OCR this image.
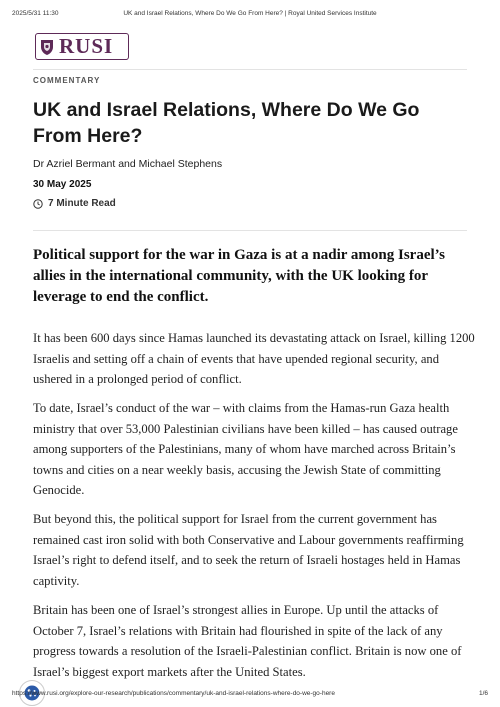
2025/5/31 11:30	UK and Israel Relations, Where Do We Go From Here? | Royal United Services Institute
RUSI
COMMENTARY
UK and Israel Relations, Where Do We Go From Here?
Dr Azriel Bermant and Michael Stephens
30 May 2025
7 Minute Read

Political support for the war in Gaza is at a nadir among Israel’s allies in the international community, with the UK looking for leverage to end the conflict.

It has been 600 days since Hamas launched its devastating attack on Israel, killing 1200 Israelis and setting off a chain of events that have upended regional security, and ushered in a prolonged period of conflict.

To date, Israel’s conduct of the war – with claims from the Hamas-run Gaza health ministry that over 53,000 Palestinian civilians have been killed – has caused outrage among supporters of the Palestinians, many of whom have marched across Britain’s towns and cities on a near weekly basis, accusing the Jewish State of committing Genocide.

But beyond this, the political support for Israel from the current government has remained cast iron solid with both Conservative and Labour governments reaffirming Israel’s right to defend itself, and to seek the return of Israeli hostages held in Hamas captivity.

Britain has been one of Israel’s strongest allies in Europe. Up until the attacks of October 7, Israel’s relations with Britain had flourished in spite of the lack of any progress towards a resolution of the Israeli-Palestinian conflict. Britain is now one of Israel’s biggest export markets after the United States.

https://www.rusi.org/explore-our-research/publications/commentary/uk-and-israel-relations-where-do-we-go-here	1/6
